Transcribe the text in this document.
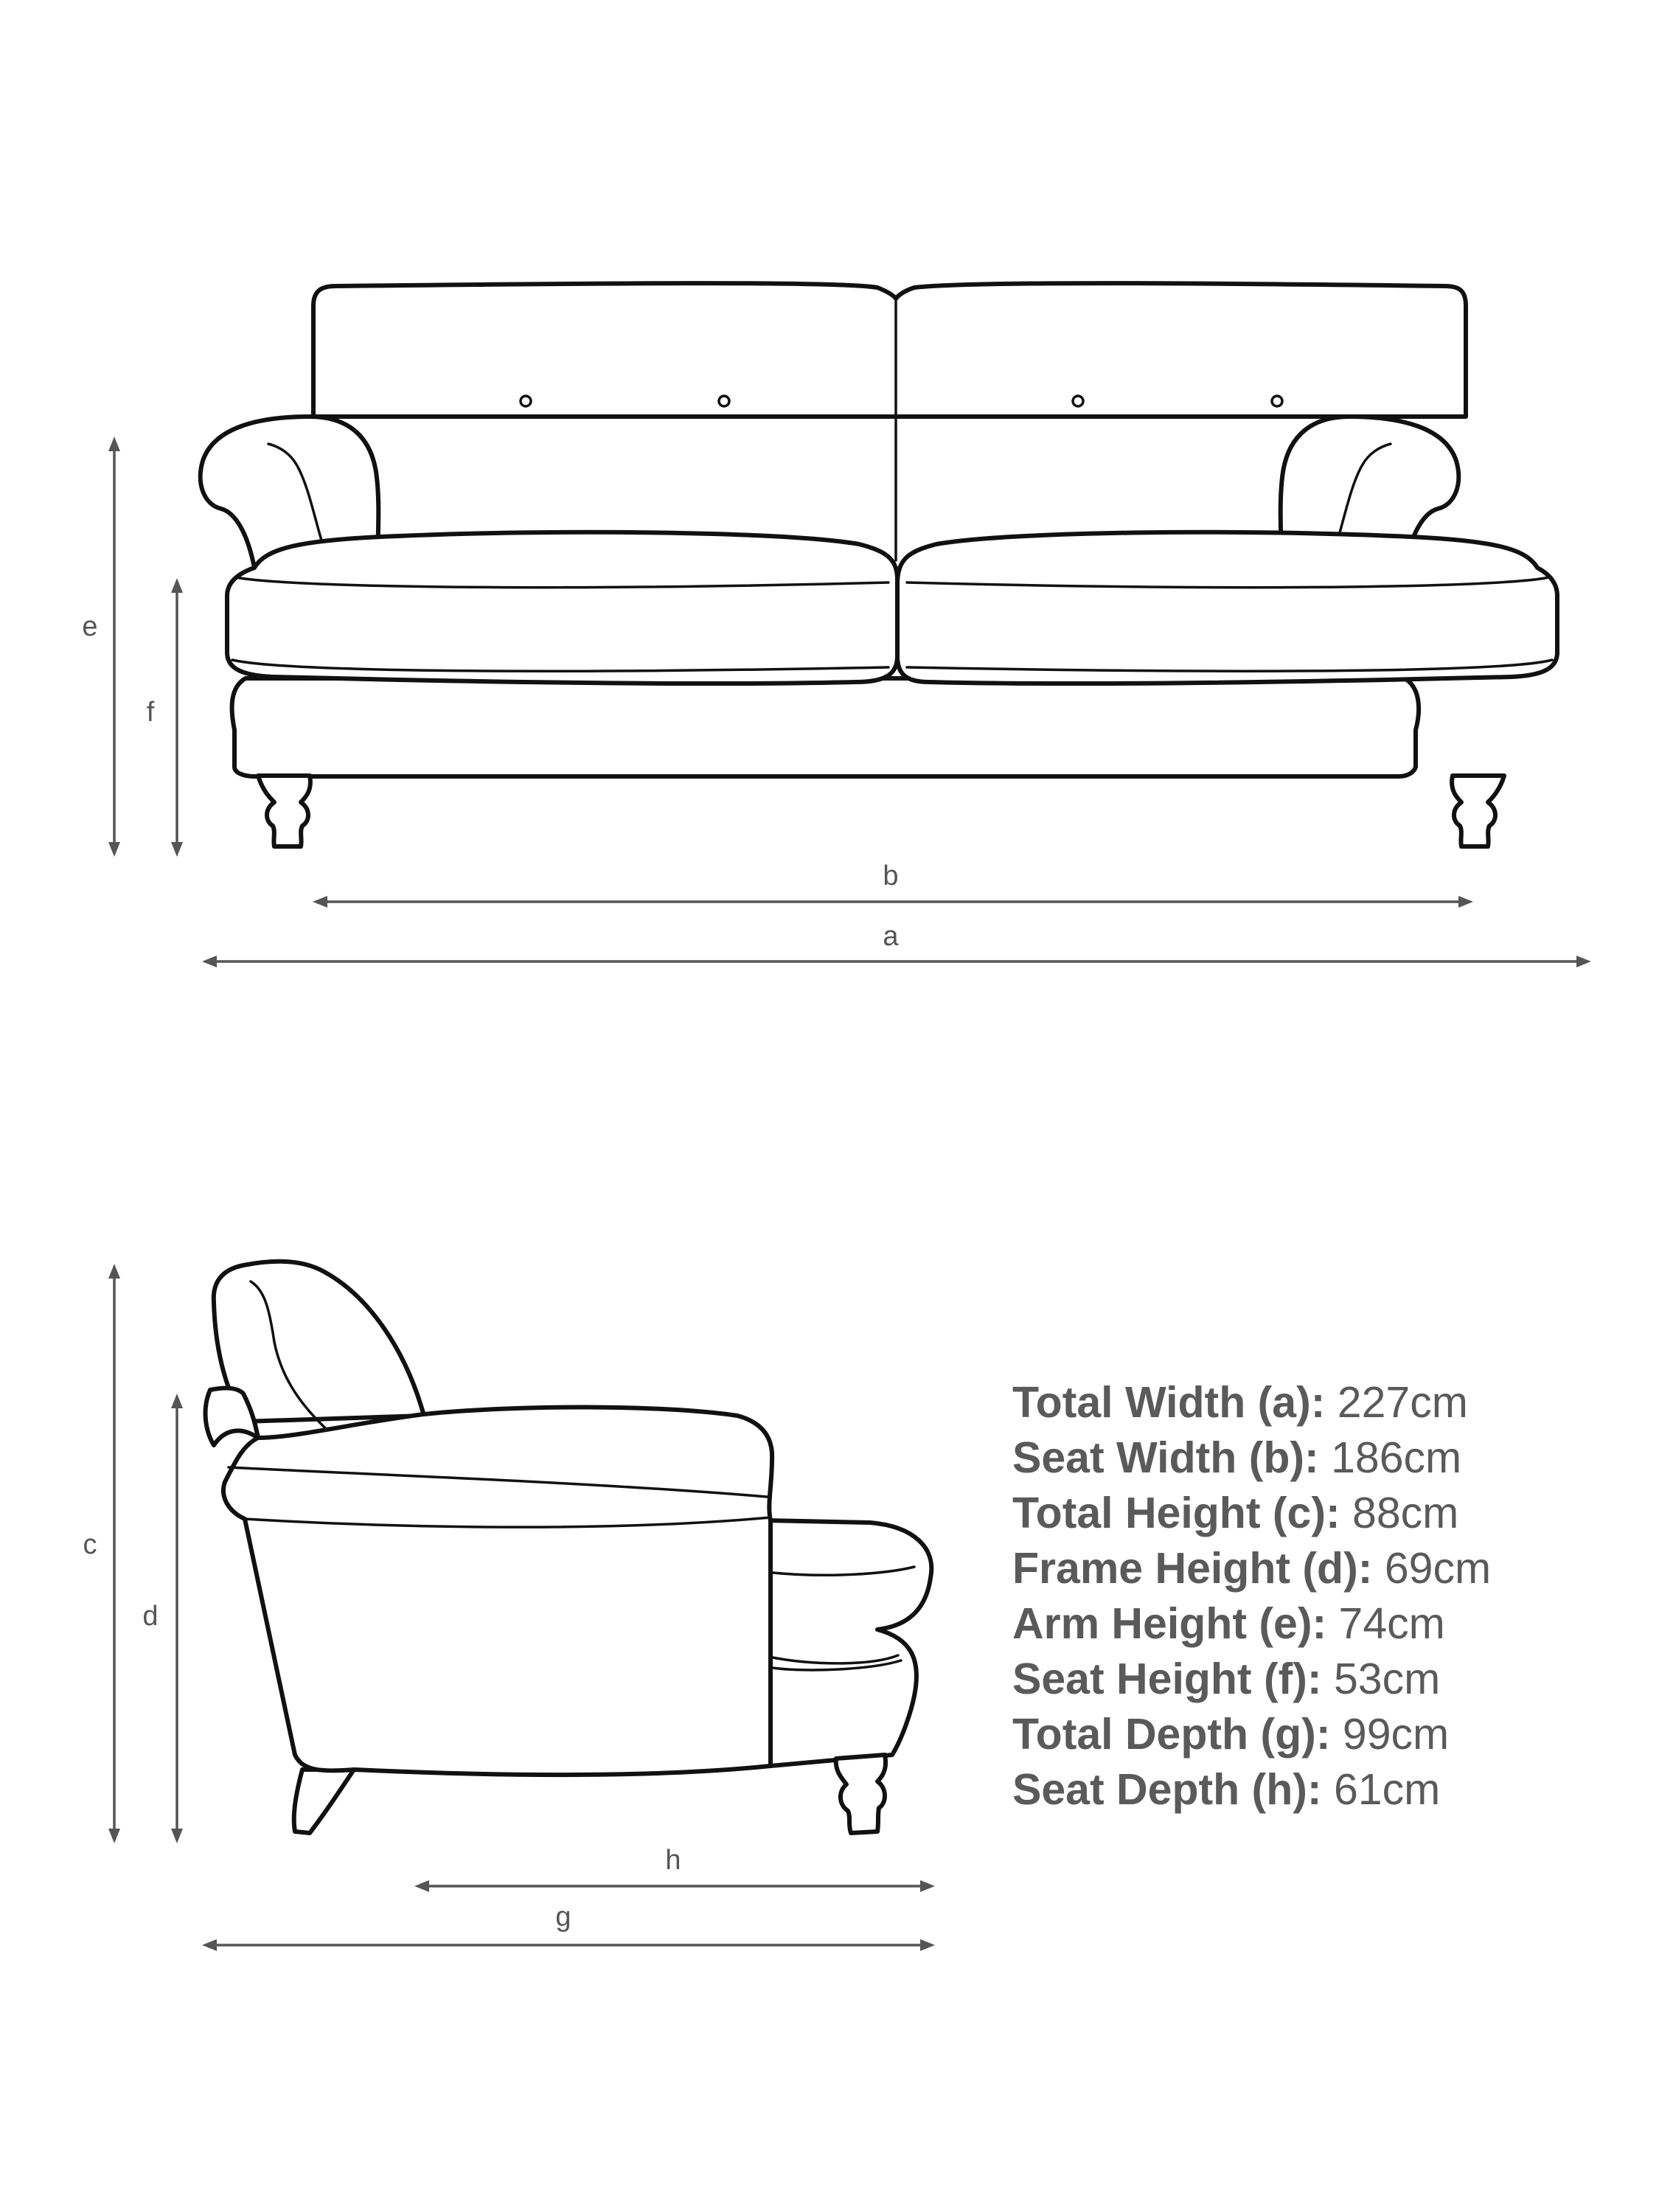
e
f
b
a
c
d
h
g
Total Width (a): 227cm
Seat Width (b): 186cm
Total Height (c): 88cm
Frame Height (d): 69cm
Arm Height (e): 74cm
Seat Height (f): 53cm
Total Depth (g): 99cm
Seat Depth (h): 61cm
